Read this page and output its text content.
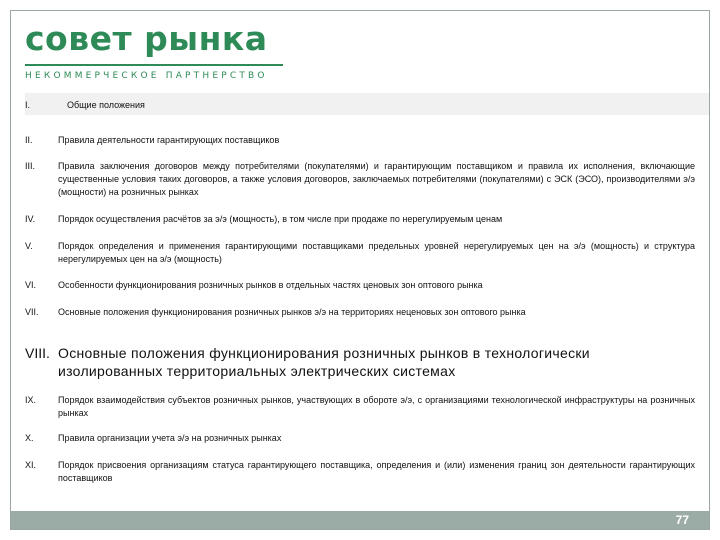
совет рынка
НЕКОММЕРЧЕСКОЕ ПАРТНЕРСТВО
I.	Общие положения
II.	Правила деятельности гарантирующих поставщиков
III.	Правила заключения договоров между потребителями (покупателями) и гарантирующим поставщиком и правила их исполнения, включающие существенные условия таких договоров, а также условия договоров, заключаемых потребителями (покупателями) с ЭСК (ЭСО), производителями э/э (мощности) на розничных рынках
IV.	Порядок осуществления расчётов за э/э (мощность), в том числе при продаже по нерегулируемым ценам
V.	Порядок определения и применения гарантирующими поставщиками предельных уровней нерегулируемых цен на э/э (мощность) и структура нерегулируемых цен на э/э (мощность)
VI. Особенности функционирования розничных рынков в отдельных частях ценовых зон оптового рынка
VII. Основные положения функционирования розничных рынков э/э на территориях неценовых зон оптового рынка
VIII. Основные положения функционирования розничных рынков в технологически изолированных территориальных электрических системах
IX. Порядок взаимодействия субъектов розничных рынков, участвующих в обороте э/э, с организациями технологической инфраструктуры на розничных рынках
X.	Правила организации учета э/э на розничных рынках
XI. Порядок присвоения организациям статуса гарантирующего поставщика, определения и (или) изменения границ зон деятельности гарантирующих поставщиков
77
